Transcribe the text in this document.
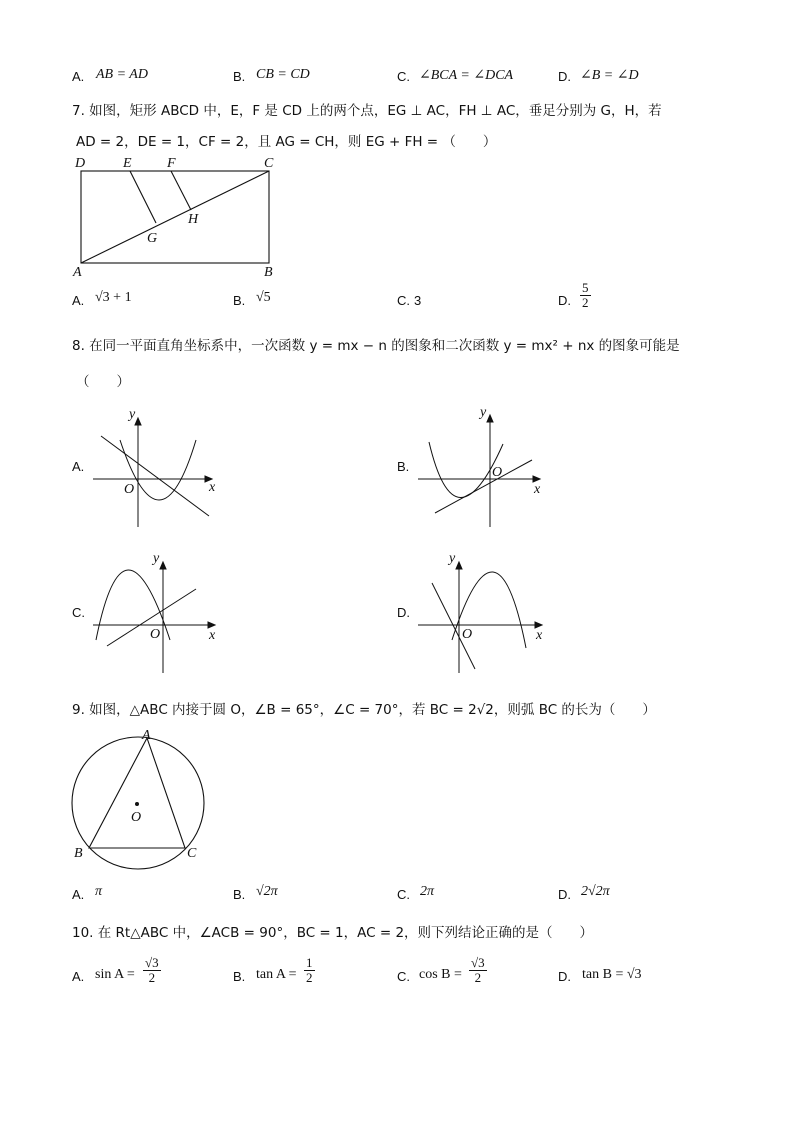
A. AB = AD	B. CB = CD	C. ∠BCA = ∠DCA	D. ∠B = ∠D
7. 如图，矩形 ABCD 中，E，F 是 CD 上的两个点，EG ⊥ AC，FH ⊥ AC，垂足分别为 G，H，若
AD = 2，DE = 1，CF = 2，且 AG = CH，则 EG + FH = （　　）
D	E	F	C
H
G
A	B
A. √3 + 1	B. √5	C. 3	D. $\frac{5}{2}$
8. 在同一平面直角坐标系中，一次函数 y = mx − n 的图象和二次函数 y = mx² + nx 的图象可能是
（　　）
A.
x
y
O
B.
x
y
O
C.
x
y
O
D.
x
y
O
9. 如图，△ABC 内接于圆 O，∠B = 65°，∠C = 70°，若 BC = 2√2，则弧 BC 的长为（　　）
A
B	C
O
A. π	B. √2π	C. 2π	D. 2√2π
10. 在 Rt△ABC 中，∠ACB = 90°，BC = 1，AC = 2，则下列结论正确的是（　　）
A. $\sin A = \frac{√3}{2}$	B. $\tan A = \frac{1}{2}$	C. $\cos B = \frac{√3}{2}$	D. tan B = √3
